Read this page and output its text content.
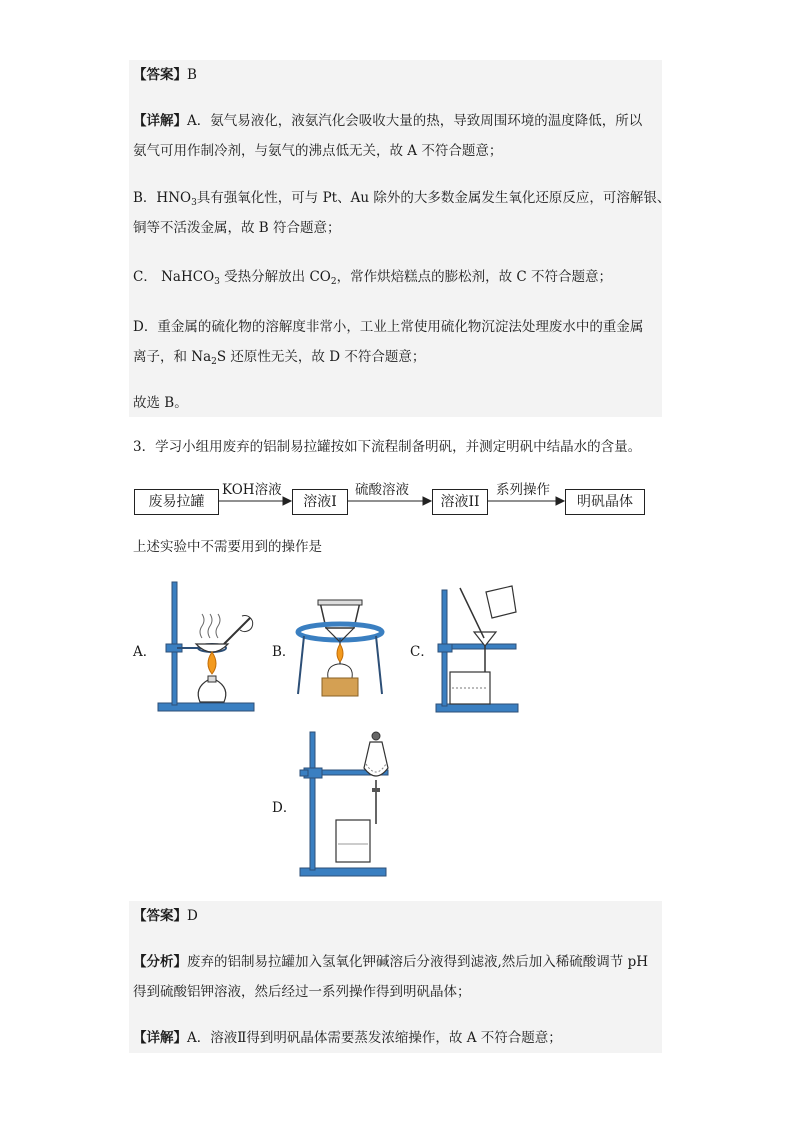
【答案】B
【详解】A．氨气易液化，液氨汽化会吸收大量的热，导致周围环境的温度降低，所以
氨气可用作制冷剂，与氨气的沸点低无关，故 A 不符合题意；
B．$HNO_3$具有强氧化性，可与 Pt、Au 除外的大多数金属发生氧化还原反应，可溶解银、
铜等不活泼金属，故 B 符合题意；
C． NaHCO$_3$ 受热分解放出 $CO_2$，常作烘焙糕点的膨松剂，故 C 不符合题意；
D．重金属的硫化物的溶解度非常小，工业上常使用硫化物沉淀法处理废水中的重金属
离子，和 $Na_2S$ 还原性无关，故 D 不符合题意；
故选 B。
3．学习小组用废弃的铝制易拉罐按如下流程制备明矾，并测定明矾中结晶水的含量。
废易拉罐	溶液I	溶液II	明矾晶体
KOH溶液	硫酸溶液	系列操作
上述实验中不需要用到的操作是
A．	B．	C．
D．
【答案】D
【分析】废弃的铝制易拉罐加入氢氧化钾碱溶后分液得到滤液,然后加入稀硫酸调节 pH
得到硫酸铝钾溶液，然后经过一系列操作得到明矾晶体；
【详解】A．溶液Ⅱ得到明矾晶体需要蒸发浓缩操作，故 A 不符合题意；
